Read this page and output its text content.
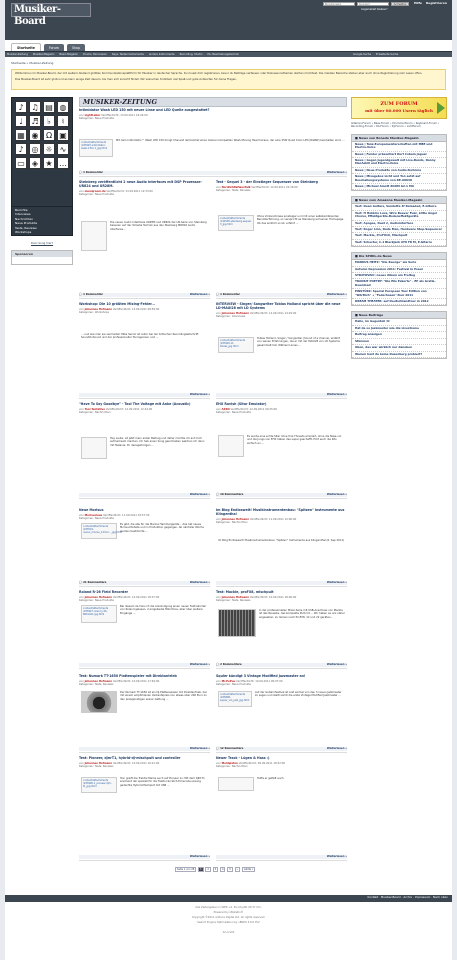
Musiker-Board
Benutzername
Anmelden	Hilfe Registrieren
Angemeldet bleiben?
Startseite	Forum	Shop
Musiker-Zeitung Musiker-Magazin Basic-Magazin Drums, Percussion Keys, Tasteninstrumente andere Instrumente Recording, Studio PA, Beschallungstechnik	Google-Suche Erweiterte Suche
Startseite » Musiker-Zeitung

Willkommen im Musiker-Board, der mit weitem Abstand größten Kommunikationsplattform für Musiker in deutscher Sprache. Du musst dich registrieren, bevor du Beiträge verfassen oder Diskussionsthemen starten möchtest. Die meisten Bereiche stehen aber auch ohne Registrierung zum Lesen offen.

Das Musiker-Board ist sehr groß und es kann einige Zeit dauern, bis man sich zurecht findet. Wir wünschen trotzdem viel Spaß und gute Antworten für deine Fragen.

♪ ♫ ▤ ◍ ♩ ♬ ♭ ♮ ▦ ◉ Ω ▣ ♪ ◎ ☼ ∿ ▭ ◈ ★ …
Berichte
Interviews
Nachrichten
Neue Produkte
Tests, Reviews
Workshops
Dein Song hier?
Sponsoren
MUSIKER-ZEITUNG
Intimidator Wash LED 150 mit neuer Linse und LED Quelle ausgestattet?
von LightLabor Veröffentlicht: 13.09.2011 16:24:00
Kategorien: Neue Produkte
content/attachments /183920-intimidator-wash-150-r1_jpg.html
Mit dem Intimidator™ Wash LED 150 bringt Chauvet demnächst einen kleinen kompakten Wash-Moving Head heraus, der eine 45W Quad Color LED (RGBW) beinhalten wird, ...
💬 1 Kommentar	Weiterlesen »
Steinberg veröffentlicht 2 neue Audio Interfaces mit DSP Prozessor: UR824 und UR28M.
von musiqroom.de Veröffentlicht: 13.09.2011 12:33:00
Kategorien: Neue Produkte
Die neuen Audio Interfaces UR28M und UR824 der UR-Serie von Steinberg basieren auf der Yamaha Technik aus den Steinberg MR816 Audio Interfaces...
💬 1 Kommentar	Weiterlesen »
Test - Sequel 3 - der Einstieger Sequenzer von Steinberg
von Nordlicht&HausTalk Veröffentlicht: 12.09.2011 22:36:00
Kategorien: Tests, Reviews
content/attachments /192595-steinberg-sequel-3_jpg.html
Ohne Vorkenntnisse einsteiger und mit einer selbsterklärenden Benutzerführung, so verspricht es Steinberg auf seiner Homepage. Ob das wirklich so ist, erfahrt ...
💬 1 Kommentar	Weiterlesen »
Workshop: Die 10 größten Mixing-Fehler...
von Johannes Hofmann Veröffentlicht: 12.09.2011 08:59:00
Kategorien: Workshops
... und wie man sie vermeidet. Mike Senior ist Autor bei der britischen Recordingzeitschrift SoundOnSound und der professioneller Toningenieur und ...
Weiterlesen »
INTERVIEW - Singer/ Songwriter Tobias Holland spricht über die neue LD-MAUI28 mit LD Systems
von Johannes Hofmann Veröffentlicht: 12.09.2011 14:29:00
Kategorien: Interviews
content/attachments /183920-ld-tobias_jpg.html
Tobias Holland, Singer / Songwriter (Sound of a chance), erzählt von seinen Erfahrungen, die er mit der MAUI28 von LD Systems gesammelt hat. Während eines ...
Weiterlesen »
"Have To Say Goodbye" - Tool The Voltage mit Anke (Acoustic)
von Tool Tentative Veröffentlicht: 12.09.2011 12:44:00
Kategorien: Nachrichten
Hey Leute, ist jetzt mein erster Beitrag und daher möchte ich auf mich aufmerksam machen. Ich hab einen Song geschrieben welchen ich dann mit Melanie, Ihr dazugehörigen ...
Weiterlesen »
EHX Ravish (Sitar Emulator)
von AXXO Veröffentlicht: 12.09.2011 09:45:00
Kategorien: Neue Produkte
Es wurde eine echte Sitar ohne Ihre Threads emuliert, ohne die Nase vor und die Jungs von EHX haben das super geschafft. Hört euch die Kits einfach an ...
💬 10 Kommentare	Weiterlesen »
Neue Morisus
von Morisusluus Veröffentlicht: 11.09.2011 19:57:00
Kategorien: Neue Produkte
content/attachments /183519-nuevo_morisu_12mm..._jpg.html
Es gibt, die alle für die Marine Hammergeräte ...das hat neues Morisu-Modelle und in Produktion gegangen. Ab nächster Woche werden bestimmte ...
💬 21 Kommentare	Weiterlesen »
Im Blog Endlosweit! Musikinstrumentenbau: "Spitzen" Instrumente aus Klingenthal
von Johannes Hofmann Veröffentlicht: 11.09.2011 12:06:00
Kategorien: Nachrichten
Im Blog Endlosweit! Musikinstrumentenbau: "Spitzen" Instrumente aus Klingenthal (6. Sep 2011)
Weiterlesen »
Roland R-26 Field Recorder
von Johannes Hofmann Veröffentlicht: 10.09.2011 18:37:00
Kategorien: Neue Produkte
content/attachments /183927-roland_r26-864x421.jpg.html
Bei diesem de hole ich die Ankündigung einen neuen Feldrekorder von Roland gelesen. 2 eingebaute Mikrofone, aber über weitere Eingänge ...
Weiterlesen »
Test: Mackie, proFX8, mischpult
von Johannes Hofmann Veröffentlicht: 10.09.2011 18:00:00
Kategorien: Tests, Reviews
In der professionellen Mixer-Serie mit USB-Anschluss von Mackie ist das Neueste, das kompakte Pult mit ... Wir haben es uns näher angesehen, zu deinen nach ProFX8, 12 und 22 geräten...
💬 2 Kommentare	Weiterlesen »
Test: Numark TT-1650 Plattenspieler mit Direktantrieb
von Johannes Hofmann Veröffentlicht: 10.09.2011 17:49:00
Kategorien: Tests, Reviews
Der Numark TT-1650 ist ein DJ-Plattenspieler mit Direktantrieb, der mit einem empfohlenen Verkaufspreis von etwas über 200 Euro zu den preisgünstigen seiner Gattung ...
Weiterlesen »
Squier kündigt 3 Vintage Modified Jazzmaster an!
von Mr.PoPuu Veröffentlicht: 10.09.2011 09:07:00
Kategorien: Neue Produkte
content/attachments /183898-squier_vm_jazz_jpg.html
Auf der Guitarnfestival ist erst einmal von den 3 neuen Jazzmaster zu sagen und stellt somit die erste Vintage Modified Jazzmaster ...
💬 12 Kommentare	Weiterlesen »
Test: Pioneer, djm-T1, hybrid-dj-mischpult und controller
von Johannes Hofmann Veröffentlicht: 10.09.2011 16:21:00
Kategorien: Tests, Reviews
content/attachments /183990-1_pioneer-djm-t1_jpg.html
Hon greift die Traktor-Meme auch auf Pioneer zu: Mit dem DJM-T1 erscheint der speziell für die Traktor-Scratch-Timecode-Lösung gedachte Hybrid-Mischpult mit USB ...
Weiterlesen »
Neuer Track - Lügen & Hass :)
von Moldpiston Veröffentlicht: 09.09.2011 18:52:00
Kategorien: Nachrichten
Hoffe er gefällt euch
Weiterlesen »
Seite 1 von 28 1 2 3 4 5 » Letzte »
ZUM FORUM
mit über 80.000 Usern täglich
Gitarren-Forum • Bass-Forum • Drummerforum • Keyboard-Forum • Recording-Forum • PA-Forum • DJ-Forum • Lichtforum
■ News von Bonedo Musiker-Magazin
News | Tanz-Europameisterschaften mit MBE und Electro-Voice
News | Fender präsentiert Kurt Cobain Jaguar
News | Gegen Jugendgewalt mit Live-Bands, Danny MacAskill und Electro-Voice
News | Neue Produkte von Audio-Technica
News | Mixagebox Licht und Ton setzt auf Beschallungssysteme von RE-AUDIO
News | Michael Amott ZOOM G2.1 MA
■ News vom Amazona Musiker-Magazin
Test: Dean Guitars, Vendetta 4f Reloaded, E-Gitarre
Test: H Hokkiro Luca, Wire Beaver Fuzz, Little Angel Chorus, Effektgeräte-Bodeneffektgeräte
Test: Apogee, Duet 2, Audiointerface
Test: Roger Linn, Dude Man, Hardware Step-Sequencer
Test: Mackie, ProFX16, Mischpult
Test: Schecter, C-1 Blackjack ATX FR M, E-Gitarre
■ Die SPIRIL.de News
MARKUS HEITZ: "Die Zwerge" als Serie
Autumn Depression 2011: Festival in Essen
STRATOVAIC: neues Album am Freitag
TRANSIT POETRY: "Die Eile Eskorte" - EP als Gratis-Download
EINSTÜRZ: Special European Tour Edition von "Wörtlich" + "Federhosen"-Tour 2011
DREAM THEATER: auf Deutschlandtour in 2012
■ Neue Beiträge
Hallo, im Gegenteil :D
Hat da so Jazzmaster wie die Livestreme
Beitrag anzeigen
Stimmen
Oben, das war wirklich nur daneben
Warum hast du keine Dusenberg probiert?
Kontakt · Musiker-Board · Archiv · Impressum · Nach oben
Alle Zeitangaben in WEZ +2. Es ist jetzt 20:37 Uhr.
Powered by vBulletin®
Copyright ©2011 Adduce Digital Ltd. All rights reserved.
Search Engine Optimization by vBSEO 3.6.0 PL2
12.ocv01
